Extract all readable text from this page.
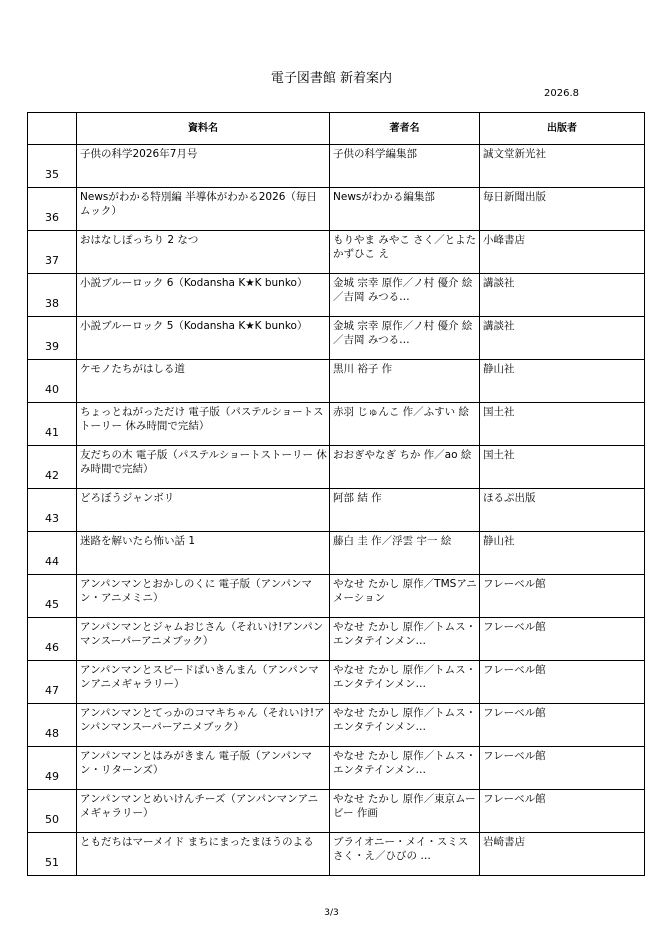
電子図書館 新着案内
2026.8
	資料名	著者名	出版者
35	子供の科学2026年7月号	子供の科学編集部	誠文堂新光社
36	Newsがわかる特別編 半導体がわかる2026（毎日ムック）	Newsがわかる編集部	毎日新聞出版
37	おはなしぽっちり 2 なつ	もりやま みやこ さく／とよた かずひこ え	小峰書店
38	小説ブルーロック 6（Kodansha K★K bunko）	金城 宗幸 原作／ノ村 優介 絵／吉岡 みつる…	講談社
39	小説ブルーロック 5（Kodansha K★K bunko）	金城 宗幸 原作／ノ村 優介 絵／吉岡 みつる…	講談社
40	ケモノたちがはしる道	黒川 裕子 作	静山社
41	ちょっとねがっただけ 電子版（パステルショートストーリー 休み時間で完結）	赤羽 じゅんこ 作／ふすい 絵	国土社
42	友だちの木 電子版（パステルショートストーリー 休み時間で完結）	おおぎやなぎ ちか 作／ao 絵	国土社
43	どろぼうジャンボリ	阿部 結 作	ほるぷ出版
44	迷路を解いたら怖い話 1	藤白 圭 作／浮雲 宇一 絵	静山社
45	アンパンマンとおかしのくに 電子版（アンパンマン・アニメミニ）	やなせ たかし 原作／TMSアニメーション	フレーベル館
46	アンパンマンとジャムおじさん（それいけ!アンパンマンスーパーアニメブック）	やなせ たかし 原作／トムス・エンタテインメン…	フレーベル館
47	アンパンマンとスピードばいきんまん（アンパンマンアニメギャラリー）	やなせ たかし 原作／トムス・エンタテインメン…	フレーベル館
48	アンパンマンとてっかのコマキちゃん（それいけ!アンパンマンスーパーアニメブック）	やなせ たかし 原作／トムス・エンタテインメン…	フレーベル館
49	アンパンマンとはみがきまん 電子版（アンパンマン・リターンズ）	やなせ たかし 原作／トムス・エンタテインメン…	フレーベル館
50	アンパンマンとめいけんチーズ（アンパンマンアニメギャラリー）	やなせ たかし 原作／東京ムービー 作画	フレーベル館
51	ともだちはマーメイド まちにまったまほうのよる	ブライオニー・メイ・スミス さく・え／ひびの …	岩崎書店
3/3
